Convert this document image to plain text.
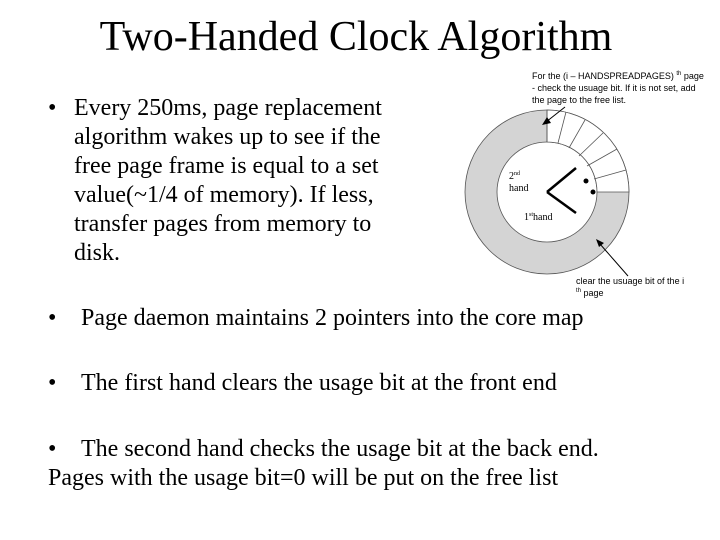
Two-Handed Clock Algorithm
• Every 250ms, page replacement
algorithm wakes up to see if the
free page frame is equal to a set
value(~1/4 of memory). If less,
transfer pages from memory to
disk.
• Page daemon maintains 2 pointers into the core map
• The first hand clears the usage bit at the front end
• The second hand checks the usage bit at the back end.
Pages with the usage bit=0 will be put on the free list
2nd
hand
1sthand
For the (i – HANDSPREADPAGES) $^{th}$ page
- check the usuage bit. If it is not set, add
the page to the free list.
clear the usuage bit of the i
$^{th}$ page
